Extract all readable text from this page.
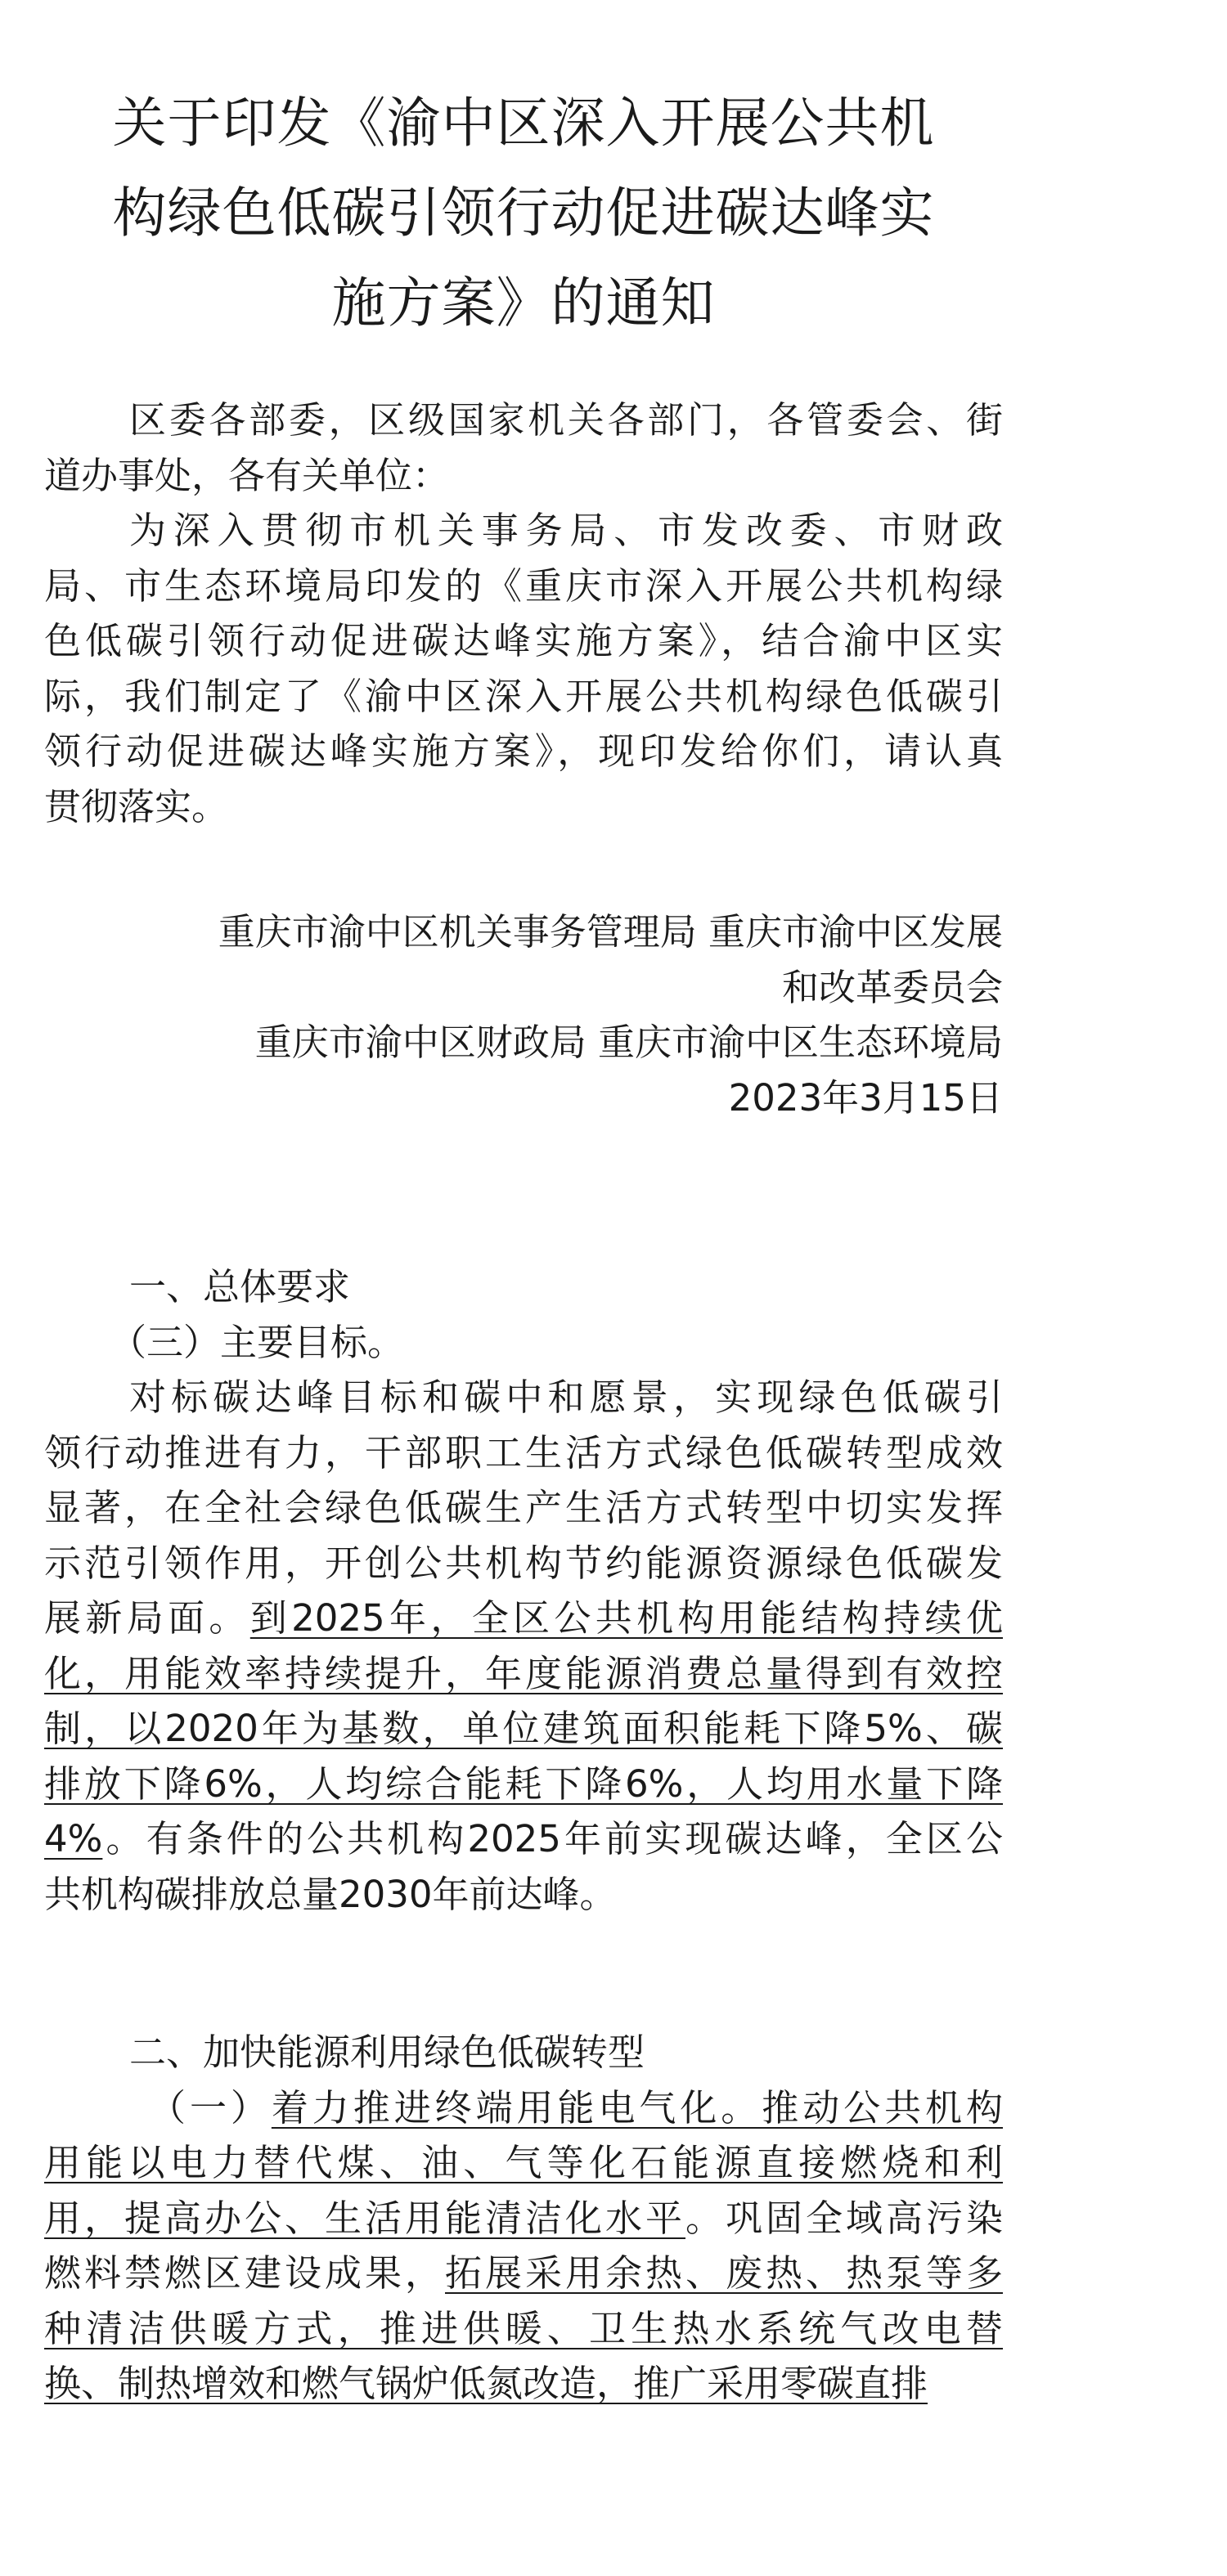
关于印发《渝中区深入开展公共机
构绿色低碳引领行动促进碳达峰实
施方案》的通知
区委各部委，区级国家机关各部门，各管委会、街
道办事处，各有关单位：
为深入贯彻市机关事务局、市发改委、市财政
局、市生态环境局印发的《重庆市深入开展公共机构绿
色低碳引领行动促进碳达峰实施方案》，结合渝中区实
际，我们制定了《渝中区深入开展公共机构绿色低碳引
领行动促进碳达峰实施方案》，现印发给你们，请认真
贯彻落实。
重庆市渝中区机关事务管理局 重庆市渝中区发展
和改革委员会
重庆市渝中区财政局 重庆市渝中区生态环境局
2023年3月15日
一、总体要求
（三）主要目标。
对标碳达峰目标和碳中和愿景，实现绿色低碳引
领行动推进有力，干部职工生活方式绿色低碳转型成效
显著，在全社会绿色低碳生产生活方式转型中切实发挥
示范引领作用，开创公共机构节约能源资源绿色低碳发
展新局面。到2025年，全区公共机构用能结构持续优
化，用能效率持续提升，年度能源消费总量得到有效控
制，以2020年为基数，单位建筑面积能耗下降5%、碳
排放下降6%，人均综合能耗下降6%，人均用水量下降
4%。有条件的公共机构2025年前实现碳达峰，全区公
共机构碳排放总量2030年前达峰。
二、加快能源利用绿色低碳转型
（一）着力推进终端用能电气化。推动公共机构
用能以电力替代煤、油、气等化石能源直接燃烧和利
用，提高办公、生活用能清洁化水平。巩固全域高污染
燃料禁燃区建设成果，拓展采用余热、废热、热泵等多
种清洁供暖方式，推进供暖、卫生热水系统气改电替
换、制热增效和燃气锅炉低氮改造，推广采用零碳直排
